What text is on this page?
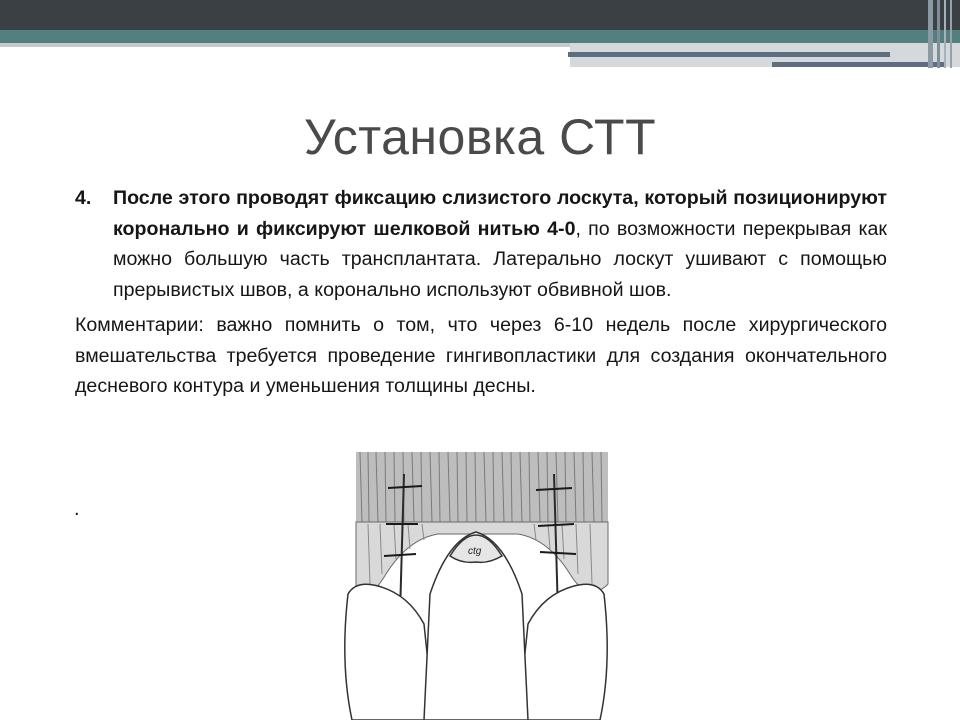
Установка СТТ
4. После этого проводят фиксацию слизистого лоскута, который позиционируют коронально и фиксируют шелковой нитью 4-0, по возможности перекрывая как можно большую часть трансплантата. Латерально лоскут ушивают с помощью прерывистых швов, а коронально используют обвивной шов.
Комментарии: важно помнить о том, что через 6-10 недель после хирургического вмешательства требуется проведение гингивопластики для создания окончательного десневого контура и уменьшения толщины десны.
.
ctg
